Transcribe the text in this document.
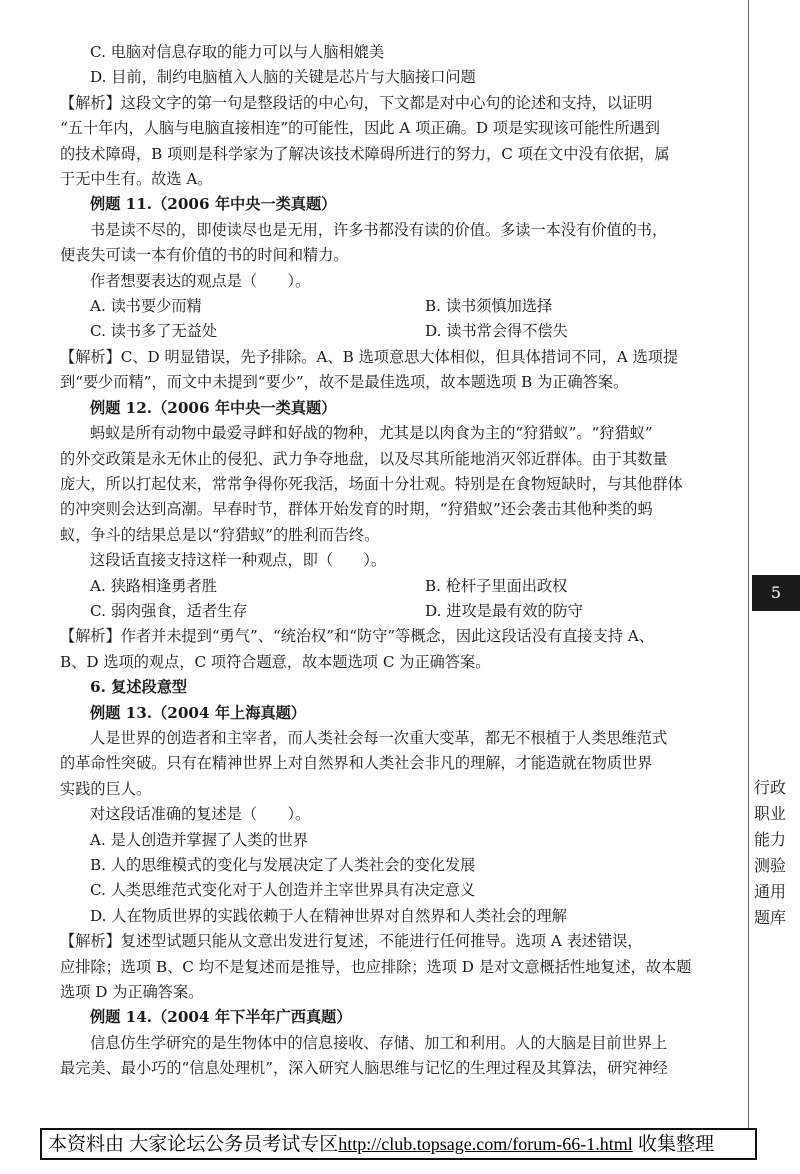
C. 电脑对信息存取的能力可以与人脑相媲美
D. 目前，制约电脑植入人脑的关键是芯片与大脑接口问题
【解析】这段文字的第一句是整段话的中心句，下文都是对中心句的论述和支持，以证明
“五十年内，人脑与电脑直接相连”的可能性，因此 A 项正确。D 项是实现该可能性所遇到
的技术障碍，B 项则是科学家为了解决该技术障碍所进行的努力，C 项在文中没有依据，属
于无中生有。故选 A。
例题 11.（2006 年中央一类真题）
书是读不尽的，即使读尽也是无用，许多书都没有读的价值。多读一本没有价值的书，
便丧失可读一本有价值的书的时间和精力。
作者想要表达的观点是（　　）。
A. 读书要少而精	B. 读书须慎加选择
C. 读书多了无益处	D. 读书常会得不偿失
【解析】C、D 明显错误，先予排除。A、B 选项意思大体相似，但具体措词不同，A 选项提
到“要少而精”，而文中未提到“要少”，故不是最佳选项，故本题选项 B 为正确答案。
例题 12.（2006 年中央一类真题）
蚂蚁是所有动物中最爱寻衅和好战的物种，尤其是以肉食为主的“狩猎蚁”。“狩猎蚁”
的外交政策是永无休止的侵犯、武力争夺地盘，以及尽其所能地消灭邻近群体。由于其数量
庞大，所以打起仗来，常常争得你死我活，场面十分壮观。特别是在食物短缺时，与其他群体
的冲突则会达到高潮。早春时节，群体开始发育的时期，“狩猎蚁”还会袭击其他种类的蚂
蚁，争斗的结果总是以“狩猎蚁”的胜利而告终。
这段话直接支持这样一种观点，即（　　）。
A. 狭路相逢勇者胜	B. 枪杆子里面出政权
C. 弱肉强食，适者生存	D. 进攻是最有效的防守
【解析】作者并未提到“勇气”、“统治权”和“防守”等概念，因此这段话没有直接支持 A、
B、D 选项的观点，C 项符合题意，故本题选项 C 为正确答案。
6. 复述段意型
例题 13.（2004 年上海真题）
人是世界的创造者和主宰者，而人类社会每一次重大变革，都无不根植于人类思维范式
的革命性突破。只有在精神世界上对自然界和人类社会非凡的理解，才能造就在物质世界
实践的巨人。
对这段话准确的复述是（　　）。
A. 是人创造并掌握了人类的世界
B. 人的思维模式的变化与发展决定了人类社会的变化发展
C. 人类思维范式变化对于人创造并主宰世界具有决定意义
D. 人在物质世界的实践依赖于人在精神世界对自然界和人类社会的理解
【解析】复述型试题只能从文意出发进行复述，不能进行任何推导。选项 A 表述错误，
应排除；选项 B、C 均不是复述而是推导，也应排除；选项 D 是对文意概括性地复述，故本题
选项 D 为正确答案。
例题 14.（2004 年下半年广西真题）
信息仿生学研究的是生物体中的信息接收、存储、加工和利用。人的大脑是目前世界上
最完美、最小巧的“信息处理机”，深入研究人脑思维与记忆的生理过程及其算法，研究神经
5
行政职业能力测验通用题库
本资料由 大家论坛公务员考试专区http://club.topsage.com/forum-66-1.html 收集整理
